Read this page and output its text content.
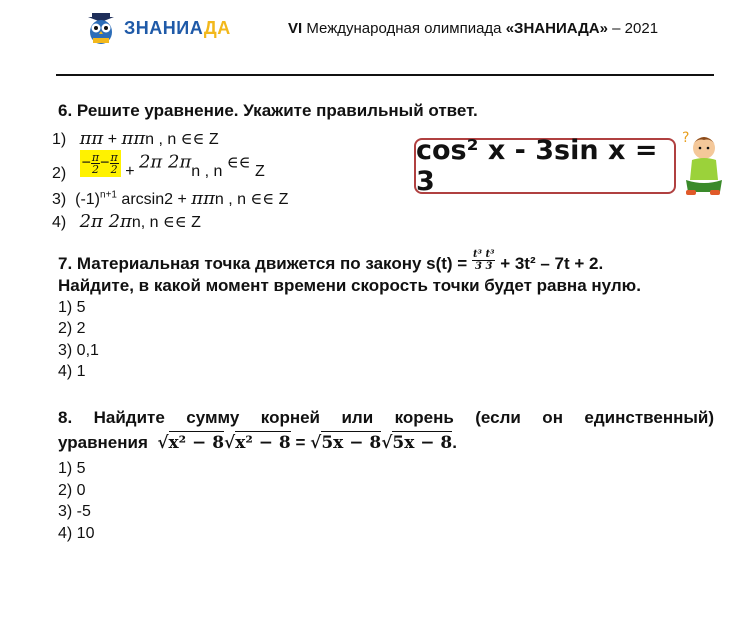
ЗНАНИАДА	VI Международная олимпиада «ЗНАНИАДА» – 2021
6. Решите уравнение. Укажите правильный ответ.
1) ππ + ππn , n ∈∈ Z
$2) - \frac{\pi}{2} - \frac{\pi}{2} + 2\pi$ 2πn , n ∈∈ Z
3) $(-1)^{n+1}$ arcsin2 + ππn , n ∈∈ Z
4) 2π 2πn, n ∈∈ Z
cos² x - 3sin x = 3
?
7. Материальная точка движется по закону $s(t) = \frac{\text{t³ t³}}{3 3} + 3t^2 - 7t + 2$.
Найдите, в какой момент времени скорость точки будет равна нулю.
1) 5
2) 2
3) 0,1
4) 1
8. Найдите сумму корней или корень (если он единственный)
уравнения √x² − 8√x² − 8 = √5x − 8√5x − 8.
1) 5
2) 0
3) -5
4) 10
